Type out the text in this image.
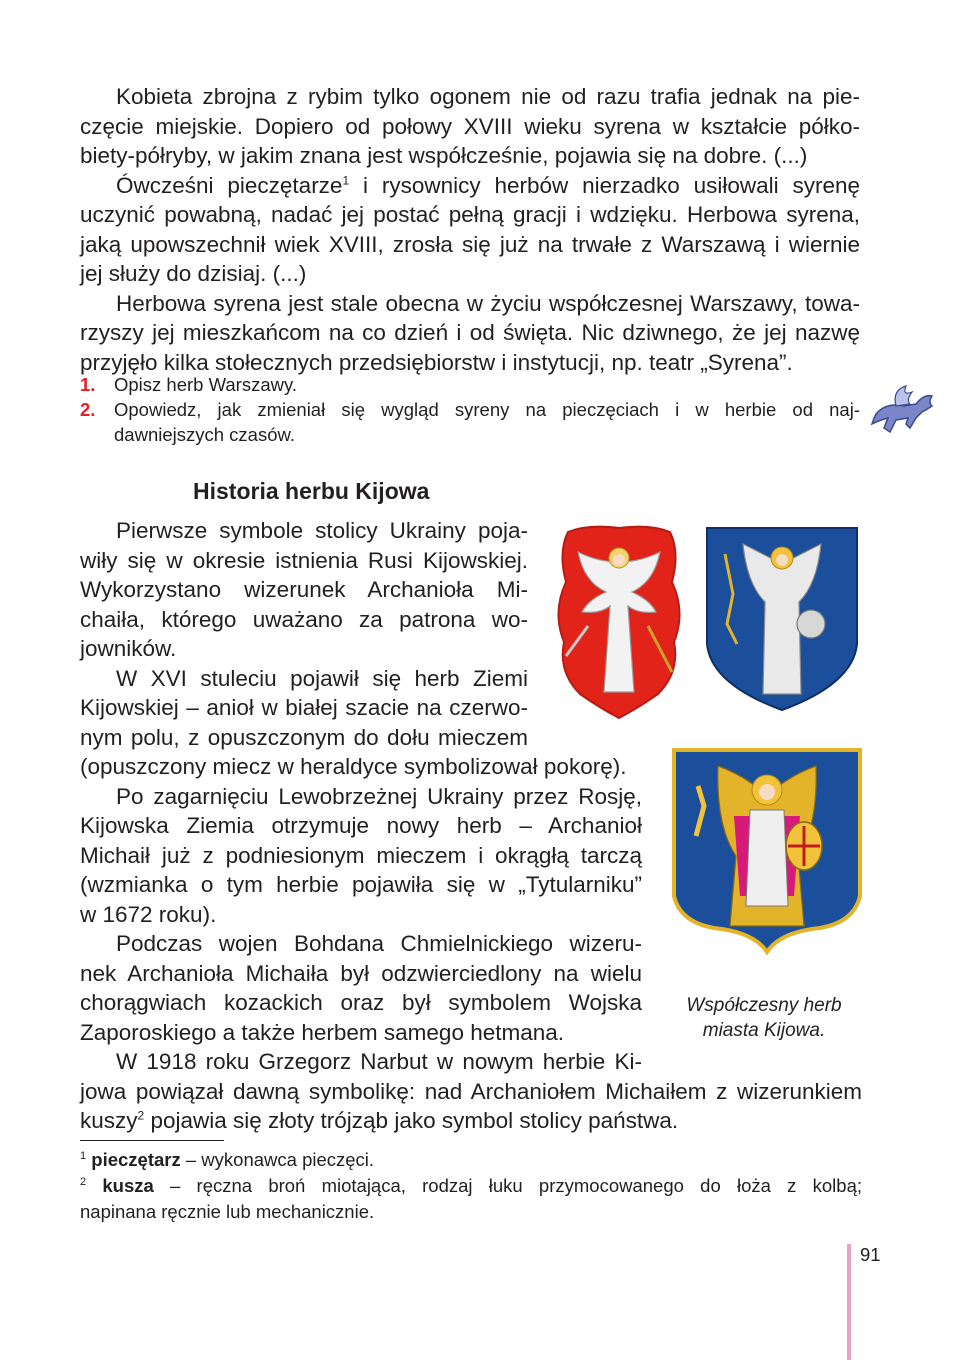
Kobieta zbrojna z rybim tylko ogonem nie od razu trafia jednak na pie-
częcie miejskie. Dopiero od połowy XVIII wieku syrena w kształcie półko-
biety-półryby, w jakim znana jest współcześnie, pojawia się na dobre. (...)
Ówcześni pieczętarze$^1$ i rysownicy herbów nierzadko usiłowali syrenę
uczynić powabną, nadać jej postać pełną gracji i wdzięku. Herbowa syrena,
jaką upowszechnił wiek XVIII, zrosła się już na trwałe z Warszawą i wiernie
jej służy do dzisiaj. (...)
Herbowa syrena jest stale obecna w życiu współczesnej Warszawy, towa-
rzyszy jej mieszkańcom na co dzień i od święta. Nic dziwnego, że jej nazwę
przyjęło kilka stołecznych przedsiębiorstw i instytucji, np. teatr „Syrena”.
1.	Opisz herb Warszawy.
2.	Opowiedz, jak zmieniał się wygląd syreny na pieczęciach i w herbie od naj-
dawniejszych czasów.
Historia herbu Kijowa
Pierwsze symbole stolicy Ukrainy poja-
wiły się w okresie istnienia Rusi Kijowskiej.
Wykorzystano wizerunek Archanioła Mi-
chaiła, którego uważano za patrona wo-
jowników.
W XVI stuleciu pojawił się herb Ziemi
Kijowskiej – anioł w białej szacie na czerwo-
nym polu, z opuszczonym do dołu mieczem
(opuszczony miecz w heraldyce symbolizował pokorę).
Po zagarnięciu Lewobrzeżnej Ukrainy przez Rosję,
Kijowska Ziemia otrzymuje nowy herb – Archanioł
Michaił już z podniesionym mieczem i okrągłą tarczą
(wzmianka o tym herbie pojawiła się w „Tytularniku”
w 1672 roku).
Podczas wojen Bohdana Chmielnickiego wizeru-
nek Archanioła Michaiła był odzwierciedlony na wielu
chorągwiach kozackich oraz był symbolem Wojska
Zaporoskiego a także herbem samego hetmana.
W 1918 roku Grzegorz Narbut w nowym herbie Ki-
jowa powiązał dawną symbolikę: nad Archaniołem Michaiłem z wizerunkiem
kuszy$^2$ pojawia się złoty trójząb jako symbol stolicy państwa.
Współczesny herb
miasta Kijowa.
$^1$ pieczętarz – wykonawca pieczęci.
$^2$ kusza – ręczna broń miotająca, rodzaj łuku przymocowanego do łoża z kolbą;
napinana ręcznie lub mechanicznie.
91
